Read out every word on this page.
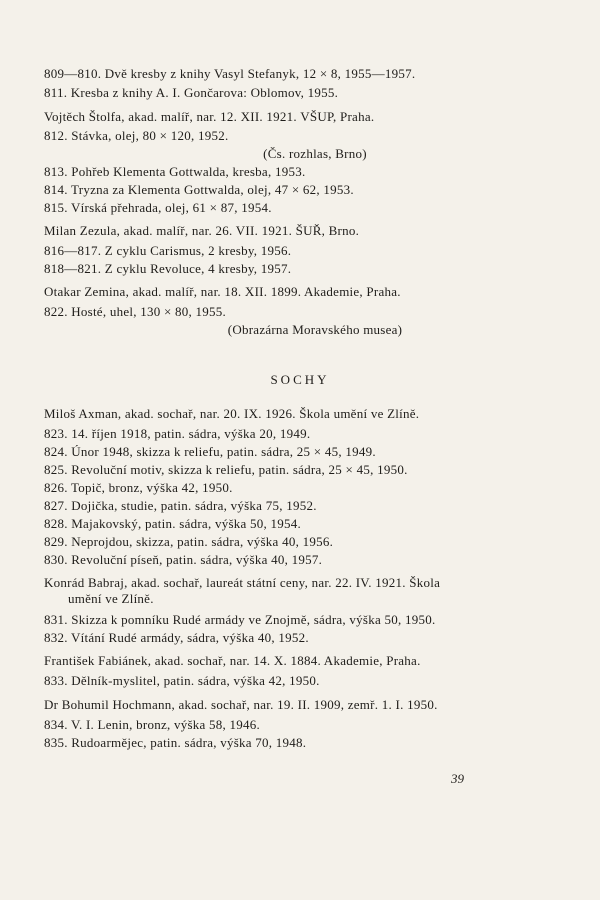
809—810. Dvě kresby z knihy Vasyl Stefanyk, 12 × 8, 1955—1957.
811. Kresba z knihy A. I. Gončarova: Oblomov, 1955.
Vojtěch Štolfa, akad. malíř, nar. 12. XII. 1921. VŠUP, Praha.
812. Stávka, olej, 80 × 120, 1952.
(Čs. rozhlas, Brno)
813. Pohřeb Klementa Gottwalda, kresba, 1953.
814. Tryzna za Klementa Gottwalda, olej, 47 × 62, 1953.
815. Vírská přehrada, olej, 61 × 87, 1954.
Milan Zezula, akad. malíř, nar. 26. VII. 1921. ŠUŘ, Brno.
816—817. Z cyklu Carismus, 2 kresby, 1956.
818—821. Z cyklu Revoluce, 4 kresby, 1957.
Otakar Zemina, akad. malíř, nar. 18. XII. 1899. Akademie, Praha.
822. Hosté, uhel, 130 × 80, 1955.
(Obrazárna Moravského musea)
SOCHY
Miloš Axman, akad. sochař, nar. 20. IX. 1926. Škola umění ve Zlíně.
823. 14. říjen 1918, patin. sádra, výška 20, 1949.
824. Únor 1948, skizza k reliefu, patin. sádra, 25 × 45, 1949.
825. Revoluční motiv, skizza k reliefu, patin. sádra, 25 × 45, 1950.
826. Topič, bronz, výška 42, 1950.
827. Dojička, studie, patin. sádra, výška 75, 1952.
828. Majakovský, patin. sádra, výška 50, 1954.
829. Neprojdou, skizza, patin. sádra, výška 40, 1956.
830. Revoluční píseň, patin. sádra, výška 40, 1957.
Konrád Babraj, akad. sochař, laureát státní ceny, nar. 22. IV. 1921. Škola
umění ve Zlíně.
831. Skizza k pomníku Rudé armády ve Znojmě, sádra, výška 50, 1950.
832. Vítání Rudé armády, sádra, výška 40, 1952.
František Fabiánek, akad. sochař, nar. 14. X. 1884. Akademie, Praha.
833. Dělník-myslitel, patin. sádra, výška 42, 1950.
Dr Bohumil Hochmann, akad. sochař, nar. 19. II. 1909, zemř. 1. I. 1950.
834. V. I. Lenin, bronz, výška 58, 1946.
835. Rudoarmějec, patin. sádra, výška 70, 1948.
39
